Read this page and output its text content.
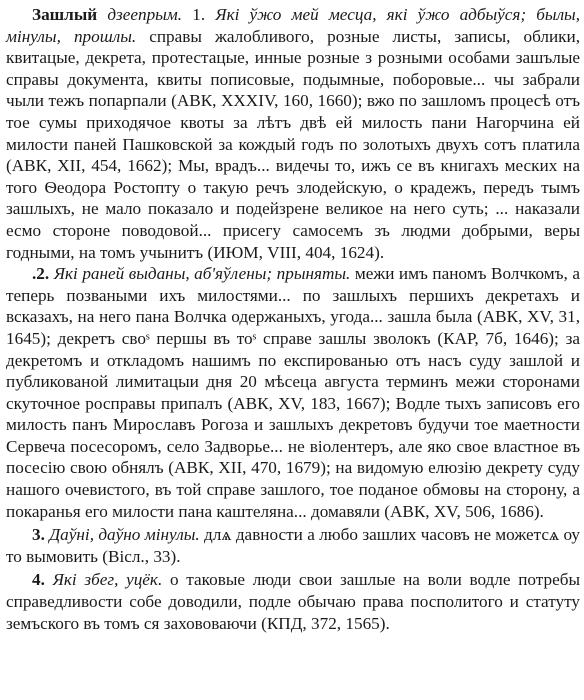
Зашлый дзеeпрым. 1. Які ўжо мей месца, які ўжо адбыўся; былы, мінулы, прошлы. справы жалобливого, розные листы, записы, облики, квитацые, декрета, протестацые, инные розные з розными особами зашълые справы документа, квиты пописовые, подымные, поборовые... чы забрали чыли тежъ попарпали (АВК, XXXIV, 160, 1660); вжо по зашломъ процесѣ отъ тое сумы приходячое квоты за лѣтъ двѣ ей милость пани Нагорчина ей милости паней Пашковской за кождый годъ по золотыхъ двухъ сотъ платила (АВК, XII, 454, 1662); Мы, врадъ... видечы то, ижъ се въ книгахъ меских на того Ѳеодора Ростопту о такую речъ злодейскую, о крадежъ, передъ тымъ зашлыхъ, не мало показало и подейзрене великое на него суть; ... наказали есмо стороне поводовой... присегу самосемъ зъ людми добрыми, веры годными, на томъ учынитъ (ИЮМ, VIII, 404, 1624).

.2. Які раней выданы, аб'яўлены; прыняты. межи имъ паномъ Волчкомъ, а теперь позваными ихъ милостями... по зашлыхъ першихъ декретахъ и всказахъ, на него пана Волчка одержаныхъ, угода... зашла была (АВК, XV, 31, 1645); декретъ своˢ першы въ тоˢ справе зашлы зволокъ (КАР, 7б, 1646); за декретомъ и откладомъ нашимъ по експированью отъ насъ суду зашлой и публикованой лимитацыи дня 20 мѣсеца августа терминъ межи сторонами скуточное росправы припалъ (АВК, XV, 183, 1667); Водле тыхъ записовъ его милость панъ Мирославъ Рогоза и зашлыхъ декретовъ будучи тое маетности Сервеча посесоромъ, село Задворье... не віолентеръ, але яко свое властное въ посесію свою обнялъ (АВК, XII, 470, 1679); на видомую елюзію декрету суду нашого очевистого, въ той справе зашлого, тое поданое обмовы на сторону, а покаранья его милости пана каштеляна... домавяли (АВК, XV, 506, 1686).

3. Даўні, даўно мінулы. длѧ давности а любо зашлих часовъ не можетсѧ оу то вымовить (Вісл., 33).

4. Які збег, уцёк. о таковые люди свои зашлые на воли водле потребы справедливости собе доводили, подле обычаю права посполитого и статуту земъского въ томъ ся захововаючи (КПД, 372, 1565).
